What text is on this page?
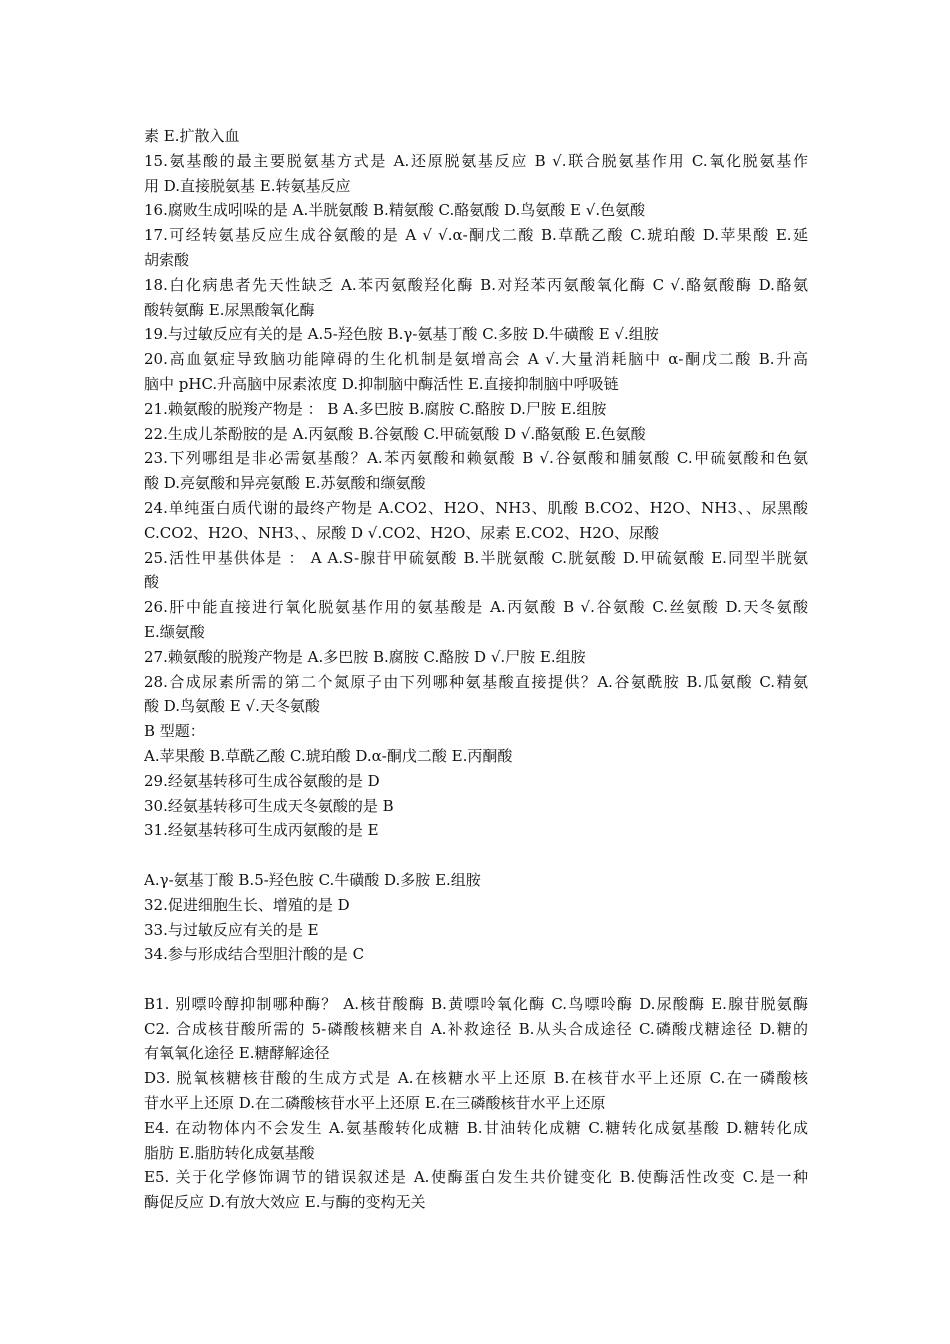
素 E.扩散入血
15.氨基酸的最主要脱氨基方式是 A.还原脱氨基反应 B √.联合脱氨基作用 C.氧化脱氨基作
用 D.直接脱氨基 E.转氨基反应
16.腐败生成吲哚的是 A.半胱氨酸 B.精氨酸 C.酪氨酸 D.鸟氨酸 E √.色氨酸
17.可经转氨基反应生成谷氨酸的是 A √ √.α-酮戊二酸 B.草酰乙酸 C.琥珀酸 D.苹果酸 E.延
胡索酸
18.白化病患者先天性缺乏 A.苯丙氨酸羟化酶 B.对羟苯丙氨酸氧化酶 C √.酪氨酸酶 D.酪氨
酸转氨酶 E.尿黑酸氧化酶
19.与过敏反应有关的是 A.5-羟色胺 B.γ-氨基丁酸 C.多胺 D.牛磺酸 E √.组胺
20.高血氨症导致脑功能障碍的生化机制是氨增高会 A √.大量消耗脑中 α-酮戊二酸 B.升高
脑中 pHC.升高脑中尿素浓度 D.抑制脑中酶活性 E.直接抑制脑中呼吸链
21.赖氨酸的脱羧产物是 ： B A.多巴胺 B.腐胺 C.酪胺 D.尸胺 E.组胺
22.生成儿茶酚胺的是 A.丙氨酸 B.谷氨酸 C.甲硫氨酸 D √.酪氨酸 E.色氨酸
23.下列哪组是非必需氨基酸？A.苯丙氨酸和赖氨酸 B √.谷氨酸和脯氨酸 C.甲硫氨酸和色氨
酸 D.亮氨酸和异亮氨酸 E.苏氨酸和缬氨酸
24.单纯蛋白质代谢的最终产物是 A.CO2、H2O、NH3、肌酸 B.CO2、H2O、NH3、、尿黑酸
C.CO2、H2O、NH3、、尿酸 D √.CO2、H2O、尿素 E.CO2、H2O、尿酸
25.活性甲基供体是 ： A A.S-腺苷甲硫氨酸 B.半胱氨酸 C.胱氨酸 D.甲硫氨酸 E.同型半胱氨
酸
26.肝中能直接进行氧化脱氨基作用的氨基酸是 A.丙氨酸 B √.谷氨酸 C.丝氨酸 D.天冬氨酸
E.缬氨酸
27.赖氨酸的脱羧产物是 A.多巴胺 B.腐胺 C.酪胺 D √.尸胺 E.组胺
28.合成尿素所需的第二个氮原子由下列哪种氨基酸直接提供？A.谷氨酰胺 B.瓜氨酸 C.精氨
酸 D.鸟氨酸 E √.天冬氨酸
B 型题：
A.苹果酸 B.草酰乙酸 C.琥珀酸 D.α-酮戊二酸 E.丙酮酸
29.经氨基转移可生成谷氨酸的是 D
30.经氨基转移可生成天冬氨酸的是 B
31.经氨基转移可生成丙氨酸的是 E
A.γ-氨基丁酸 B.5-羟色胺 C.牛磺酸 D.多胺 E.组胺
32.促进细胞生长、增殖的是 D
33.与过敏反应有关的是 E
34.参与形成结合型胆汁酸的是 C
B1. 别嘌呤醇抑制哪种酶？ A.核苷酸酶 B.黄嘌呤氧化酶 C.鸟嘌呤酶 D.尿酸酶 E.腺苷脱氨酶
C2. 合成核苷酸所需的 5-磷酸核糖来自 A.补救途径 B.从头合成途径 C.磷酸戊糖途径 D.糖的
有氧氧化途径 E.糖酵解途径
D3. 脱氧核糖核苷酸的生成方式是 A.在核糖水平上还原 B.在核苷水平上还原 C.在一磷酸核
苷水平上还原 D.在二磷酸核苷水平上还原 E.在三磷酸核苷水平上还原
E4. 在动物体内不会发生 A.氨基酸转化成糖 B.甘油转化成糖 C.糖转化成氨基酸 D.糖转化成
脂肪 E.脂肪转化成氨基酸
E5. 关于化学修饰调节的错误叙述是 A.使酶蛋白发生共价键变化 B.使酶活性改变 C.是一种
酶促反应 D.有放大效应 E.与酶的变构无关
